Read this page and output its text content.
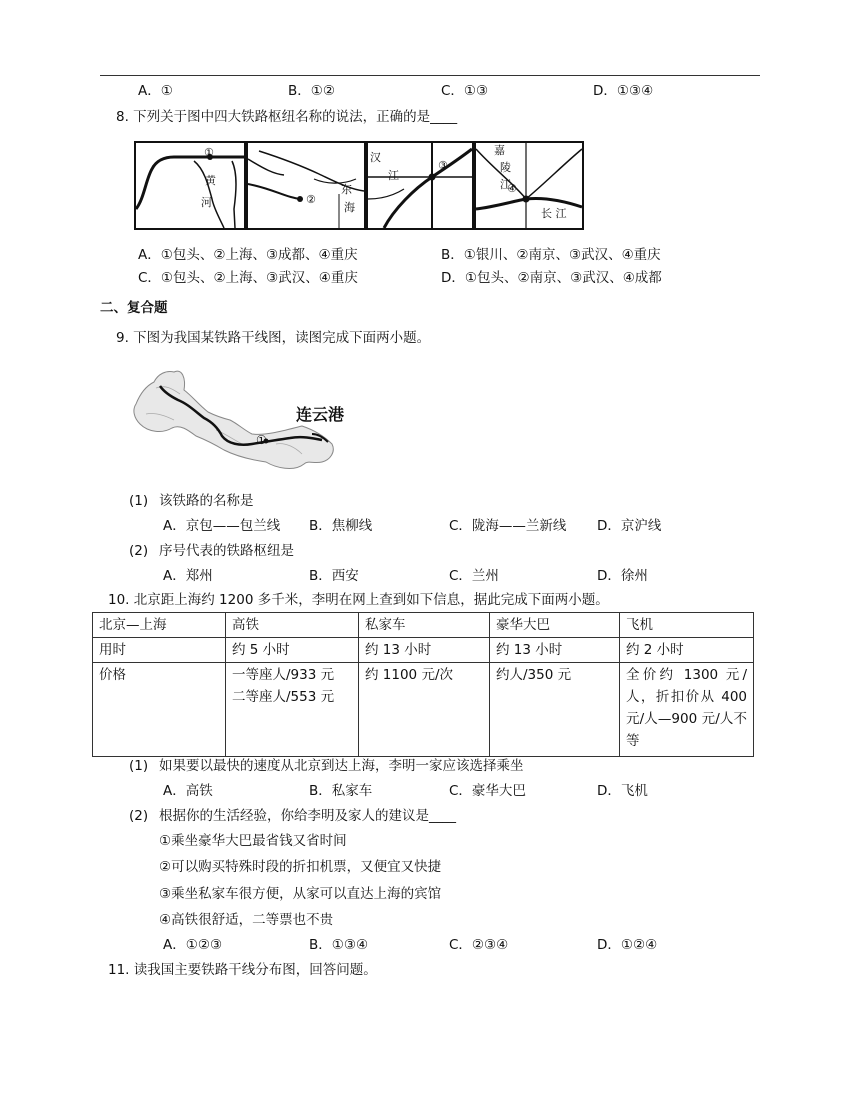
A．①	B．①②	C．①③	D．①③④
8. 下列关于图中四大铁路枢纽名称的说法，正确的是____
黄
河
东
海
汉
江
嘉
陵
江
长 江
①
②
③
④
A．①包头、②上海、③成都、④重庆	B．①银川、②南京、③武汉、④重庆
C．①包头、②上海、③武汉、④重庆	D．①包头、②南京、③武汉、④成都
二、复合题
9. 下图为我国某铁路干线图，读图完成下面两小题。
连云港
①
(1) 该铁路的名称是
A．京包——包兰线 B．焦柳线	C．陇海——兰新线 D．京沪线
(2) 序号代表的铁路枢纽是
A．郑州	B．西安	C．兰州	D．徐州
10. 北京距上海约 1200 多千米，李明在网上查到如下信息，据此完成下面两小题。
北京—上海	高铁	私家车	豪华大巴	飞机
用时	约 5 小时	约 13 小时	约 13 小时	约 2 小时
价格	一等座人/933 元
二等座人/553 元	约 1100 元/次	约人/350 元	全价约 1300 元/人，折扣价从 400 元/人—900 元/人不等
(1) 如果要以最快的速度从北京到达上海，李明一家应该选择乘坐
A．高铁	B．私家车	C．豪华大巴	D．飞机
(2) 根据你的生活经验，你给李明及家人的建议是____
①乘坐豪华大巴最省钱又省时间
②可以购买特殊时段的折扣机票，又便宜又快捷
③乘坐私家车很方便，从家可以直达上海的宾馆
④高铁很舒适，二等票也不贵
A．①②③	B．①③④	C．②③④	D．①②④
11. 读我国主要铁路干线分布图，回答问题。
